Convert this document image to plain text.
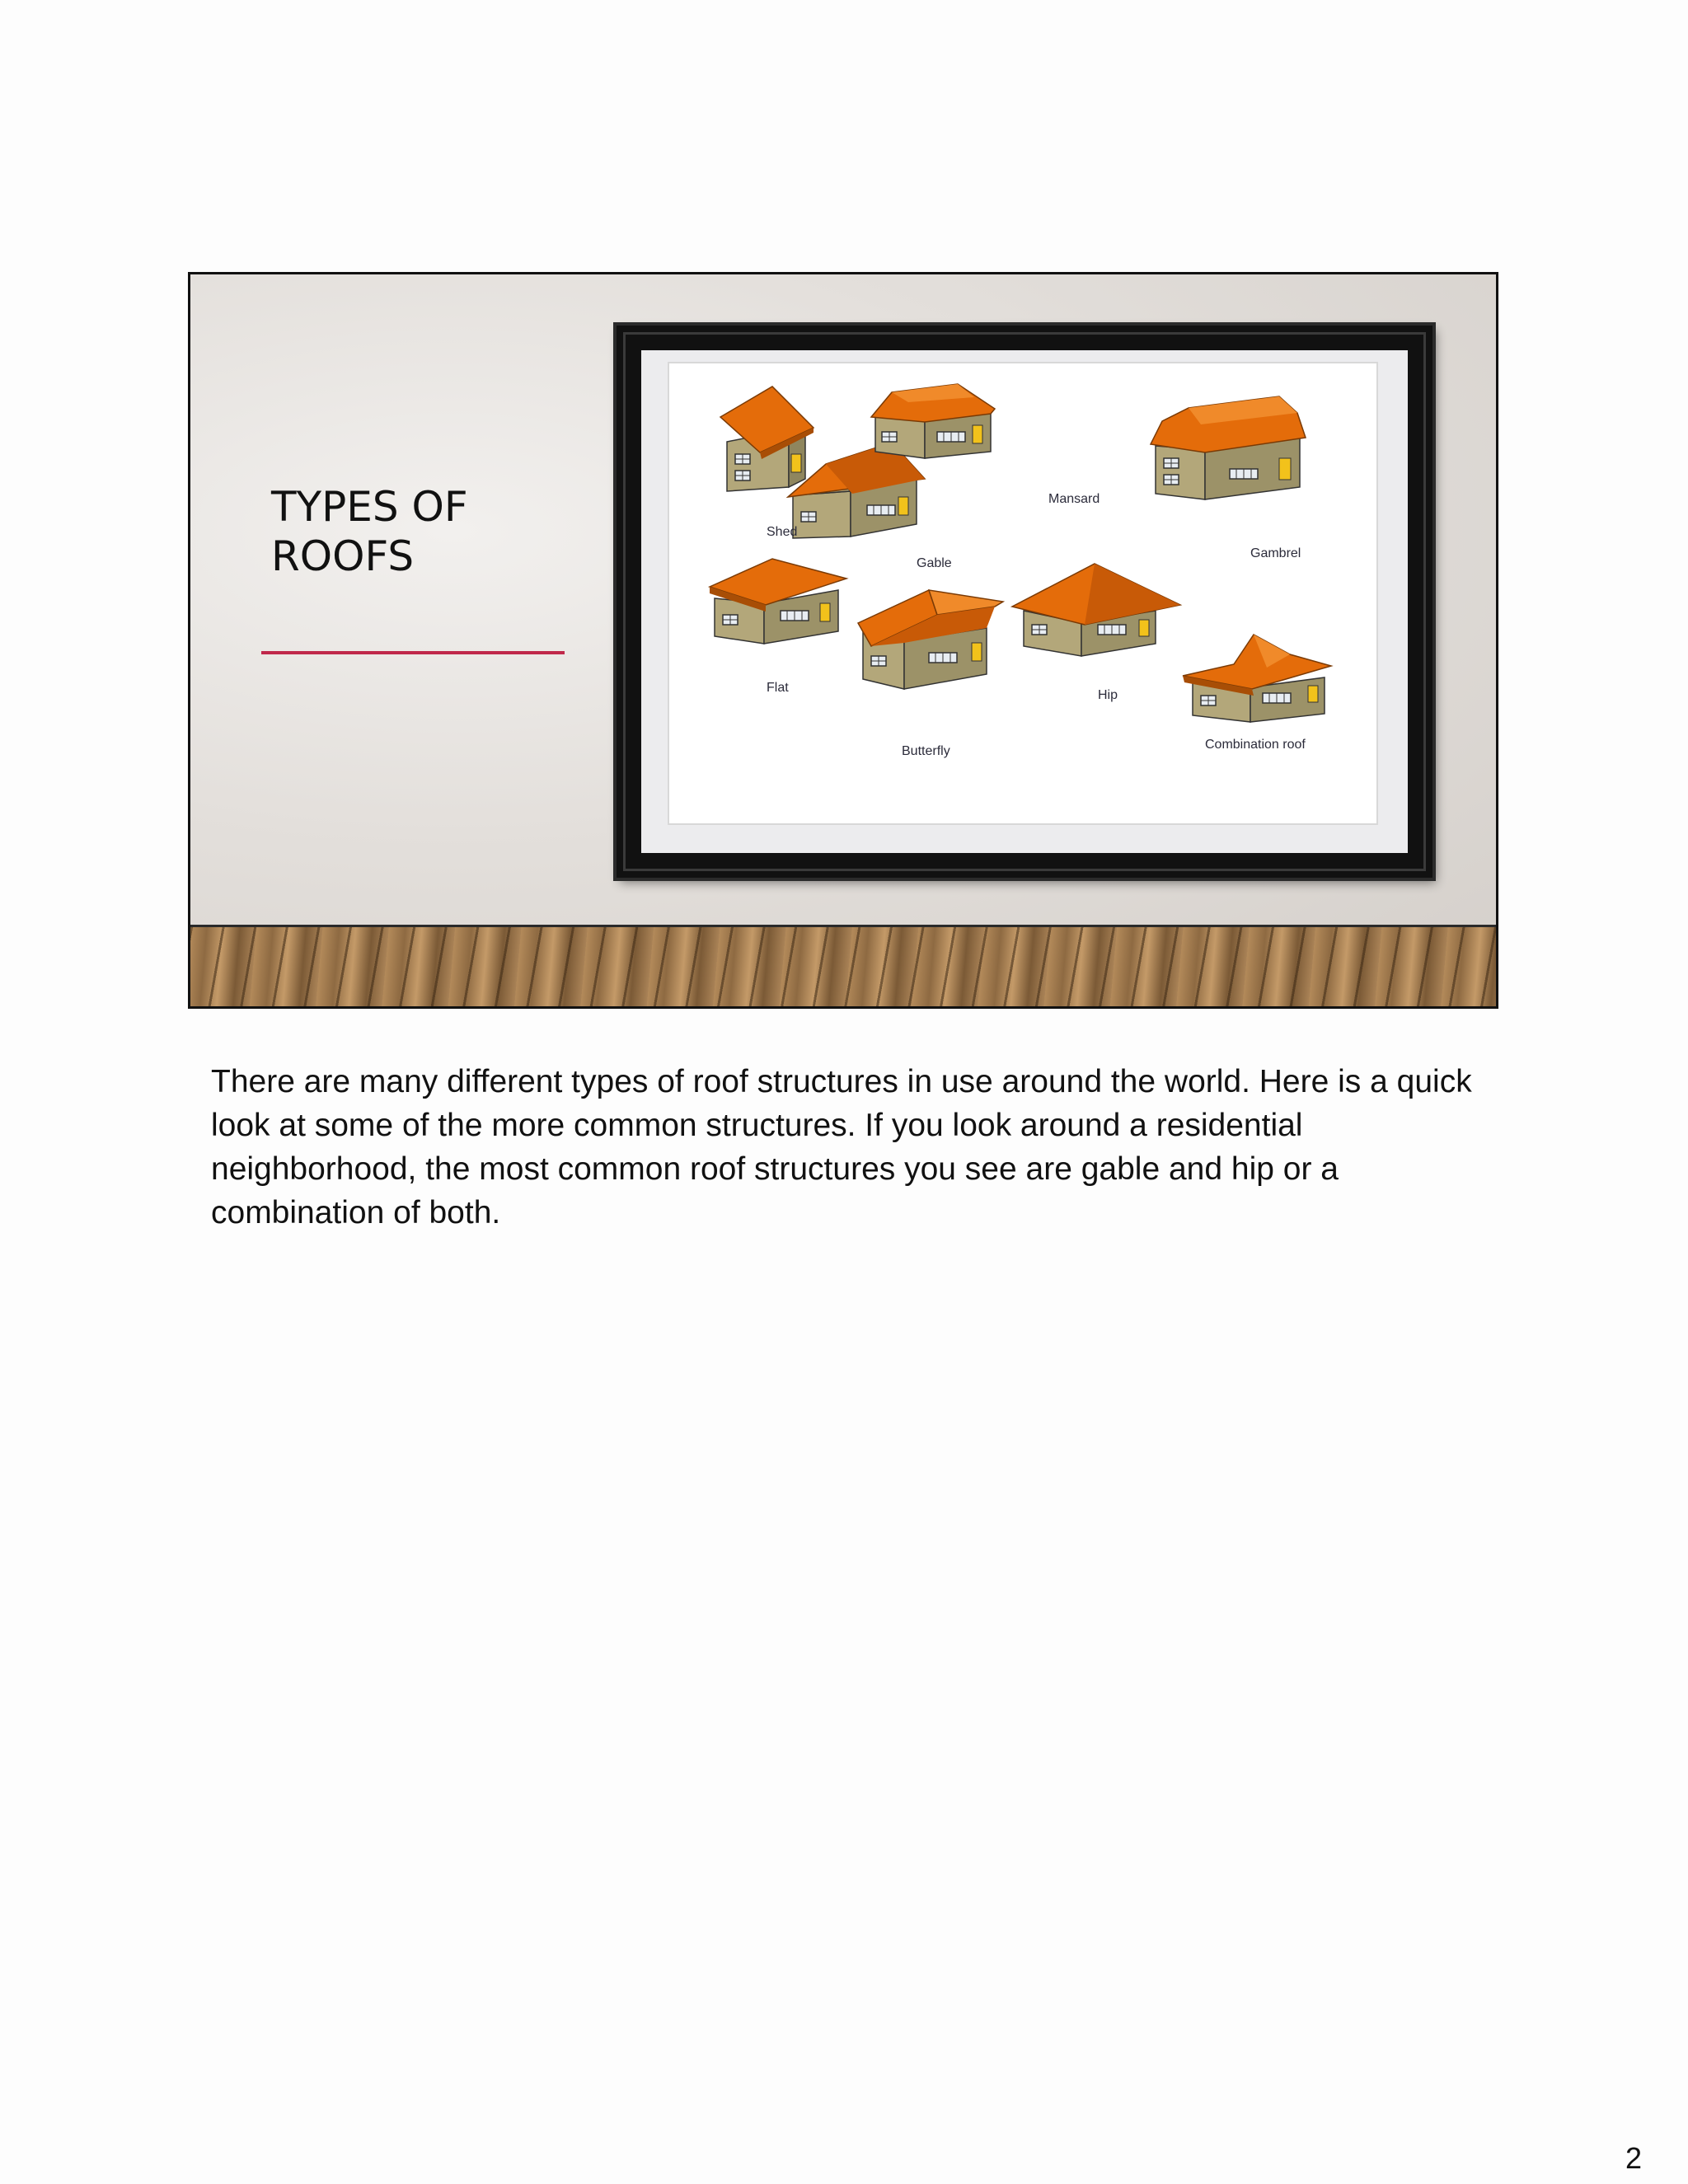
TYPES OF
ROOFS
Shed
Gable
Mansard
Gambrel
Flat
Butterfly
Hip
Combination roof
There are many different types of roof structures in use around the world. Here is a quick look at some of the more common structures. If you look around a residential neighborhood, the most common roof structures you see are gable and hip or a combination of both.
2
